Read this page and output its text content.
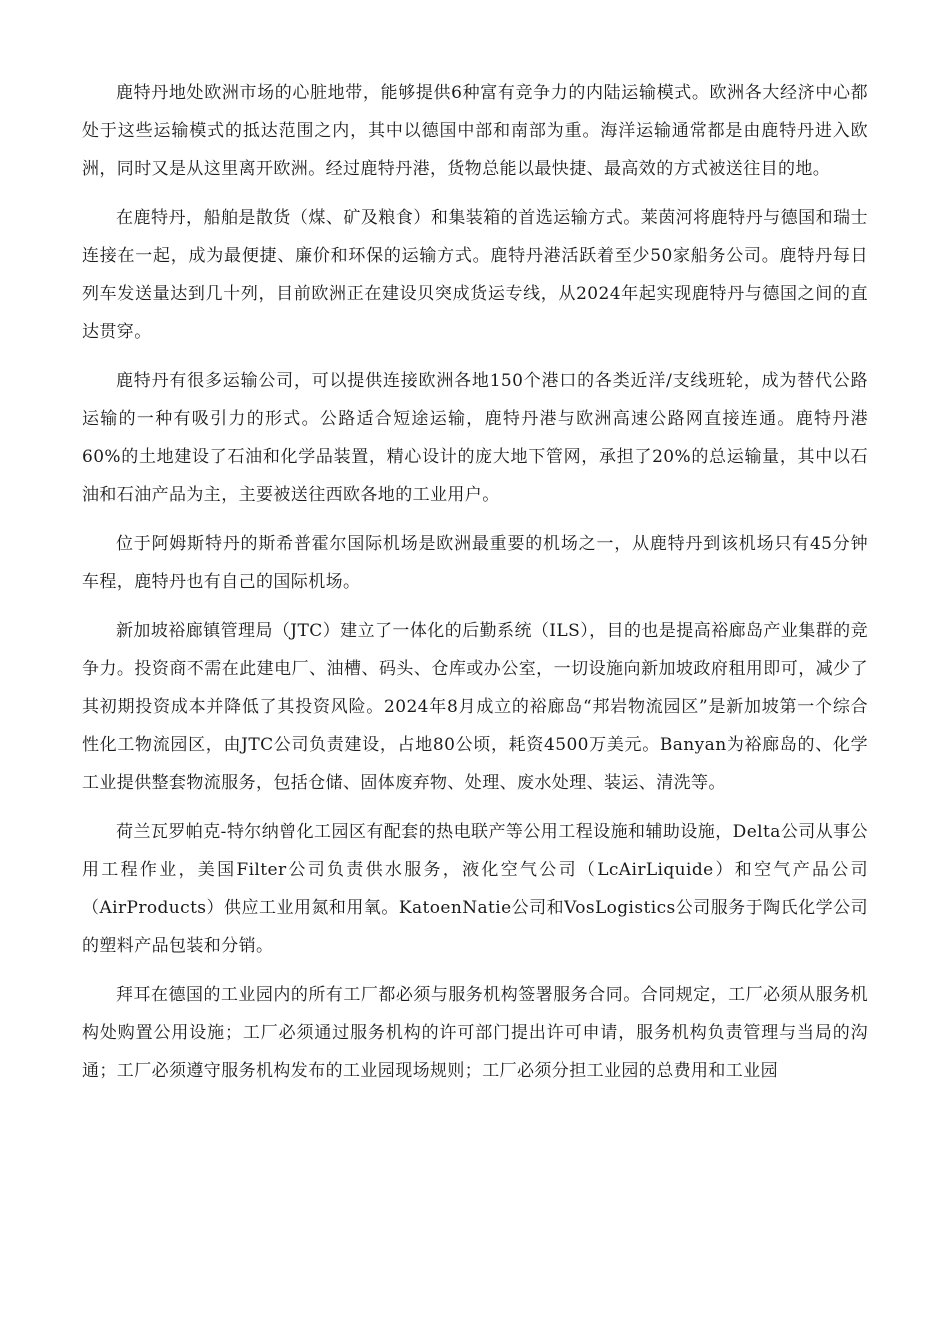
鹿特丹地处欧洲市场的心脏地带，能够提供6种富有竞争力的内陆运输模式。欧洲各大经济中心都处于这些运输模式的抵达范围之内，其中以德国中部和南部为重。海洋运输通常都是由鹿特丹进入欧洲，同时又是从这里离开欧洲。经过鹿特丹港，货物总能以最快捷、最高效的方式被送往目的地。

在鹿特丹，船舶是散货（煤、矿及粮食）和集装箱的首选运输方式。莱茵河将鹿特丹与德国和瑞士连接在一起，成为最便捷、廉价和环保的运输方式。鹿特丹港活跃着至少50家船务公司。鹿特丹每日列车发送量达到几十列，目前欧洲正在建设贝突成货运专线，从2024年起实现鹿特丹与德国之间的直达贯穿。

鹿特丹有很多运输公司，可以提供连接欧洲各地150个港口的各类近洋/支线班轮，成为替代公路运输的一种有吸引力的形式。公路适合短途运输，鹿特丹港与欧洲高速公路网直接连通。鹿特丹港60%的土地建设了石油和化学品装置，精心设计的庞大地下管网，承担了20%的总运输量，其中以石油和石油产品为主，主要被送往西欧各地的工业用户。

位于阿姆斯特丹的斯希普霍尔国际机场是欧洲最重要的机场之一，从鹿特丹到该机场只有45分钟车程，鹿特丹也有自己的国际机场。

新加坡裕廊镇管理局（JTC）建立了一体化的后勤系统（ILS），目的也是提高裕廊岛产业集群的竞争力。投资商不需在此建电厂、油槽、码头、仓库或办公室，一切设施向新加坡政府租用即可，减少了其初期投资成本并降低了其投资风险。2024年8月成立的裕廊岛“邦岩物流园区”是新加坡第一个综合性化工物流园区，由JTC公司负责建设，占地80公顷，耗资4500万美元。Banyan为裕廊岛的、化学工业提供整套物流服务，包括仓储、固体废弃物、处理、废水处理、装运、清洗等。

荷兰瓦罗帕克-特尔纳曾化工园区有配套的热电联产等公用工程设施和辅助设施，Delta公司从事公用工程作业，美国Filter公司负责供水服务，液化空气公司（LcAirLiquide）和空气产品公司（AirProducts）供应工业用氮和用氧。KatoenNatie公司和VosLogistics公司服务于陶氏化学公司的塑料产品包装和分销。

拜耳在德国的工业园内的所有工厂都必须与服务机构签署服务合同。合同规定，工厂必须从服务机构处购置公用设施；工厂必须通过服务机构的许可部门提出许可申请，服务机构负责管理与当局的沟通；工厂必须遵守服务机构发布的工业园现场规则；工厂必须分担工业园的总费用和工业园
